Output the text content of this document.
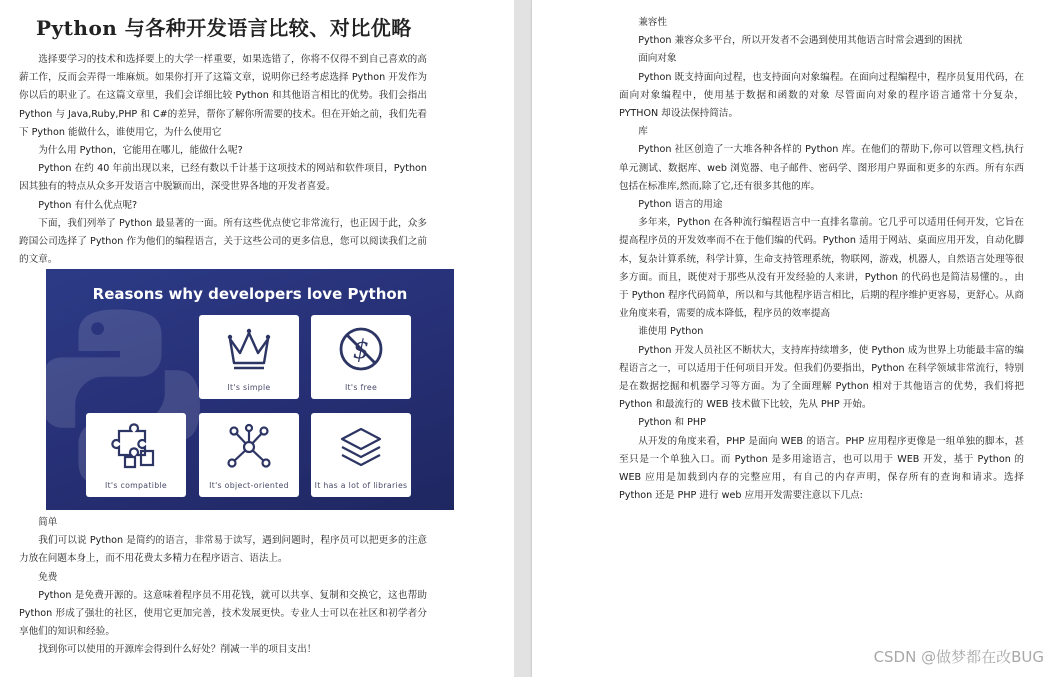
Python 与各种开发语言比较、对比优略

选择要学习的技术和选择要上的大学一样重要，如果选错了，你将不仅得不到自己喜欢的高薪工作，反而会弄得一堆麻烦。如果你打开了这篇文章，说明你已经考虑选择 Python 开发作为你以后的职业了。在这篇文章里，我们会详细比较 Python 和其他语言相比的优势。我们会指出 Python 与 Java,Ruby,PHP 和 C#的差异，帮你了解你所需要的技术。但在开始之前，我们先看下 Python 能做什么，谁使用它，为什么使用它

为什么用 Python，它能用在哪儿，能做什么呢?

Python 在约 40 年前出现以来，已经有数以千计基于这项技术的网站和软件项目，Python 因其独有的特点从众多开发语言中脱颖而出，深受世界各地的开发者喜爱。

Python 有什么优点呢?

下面，我们列举了 Python 最显著的一面。所有这些优点使它非常流行，也正因于此，众多跨国公司选择了 Python 作为他们的编程语言，关于这些公司的更多信息，您可以阅读我们之前的文章。

Reasons why developers love Python
It's simple
$
It's free
It's compatible	It's object-oriented	It has a lot of libraries

简单

我们可以说 Python 是简约的语言，非常易于读写，遇到问题时，程序员可以把更多的注意力放在问题本身上，而不用花费太多精力在程序语言、语法上。

免费

Python 是免费开源的。这意味着程序员不用花钱，就可以共享、复制和交换它，这也帮助 Python 形成了强壮的社区，使用它更加完善，技术发展更快。专业人士可以在社区和初学者分享他们的知识和经验。

找到你可以使用的开源库会得到什么好处？削减一半的项目支出！

兼容性

Python 兼容众多平台，所以开发者不会遇到使用其他语言时常会遇到的困扰

面向对象

Python 既支持面向过程，也支持面向对象编程。在面向过程编程中，程序员复用代码，在面向对象编程中，使用基于数据和函数的对象 尽管面向对象的程序语言通常十分复杂，PYTHON 却设法保持简洁。

库

Python 社区创造了一大堆各种各样的 Python 库。在他们的帮助下,你可以管理文档,执行单元测试、数据库、web 浏览器、电子邮件、密码学、图形用户界面和更多的东西。所有东西包括在标准库,然而,除了它,还有很多其他的库。

Python 语言的用途

多年来，Python 在各种流行编程语言中一直排名靠前。它几乎可以适用任何开发，它旨在提高程序员的开发效率而不在于他们编的代码。Python 适用于网站、桌面应用开发，自动化脚本，复杂计算系统，科学计算，生命支持管理系统，物联网，游戏，机器人，自然语言处理等很多方面。而且，既使对于那些从没有开发经验的人来讲，Python 的代码也是简洁易懂的。，由于 Python 程序代码简单，所以和与其他程序语言相比，后期的程序维护更容易，更舒心。从商业角度来看，需要的成本降低，程序员的效率提高

谁使用 Python

Python 开发人员社区不断状大，支持库持续增多，使 Python 成为世界上功能最丰富的编程语言之一，可以适用于任何项目开发。但我们仍要指出，Python 在科学领域非常流行，特别是在数据挖掘和机器学习等方面。为了全面理解 Python 相对于其他语言的优势，我们将把 Python 和最流行的 WEB 技术做下比较，先从 PHP 开始。

Python 和 PHP

从开发的角度来看，PHP 是面向 WEB 的语言。PHP 应用程序更像是一组单独的脚本，甚至只是一个单独入口。而 Python 是多用途语言，也可以用于 WEB 开发，基于 Python 的 WEB 应用是加载到内存的完整应用，有自己的内存声明，保存所有的查询和请求。选择 Python 还是 PHP 进行 web 应用开发需要注意以下几点:

CSDN @做梦都在改BUG
